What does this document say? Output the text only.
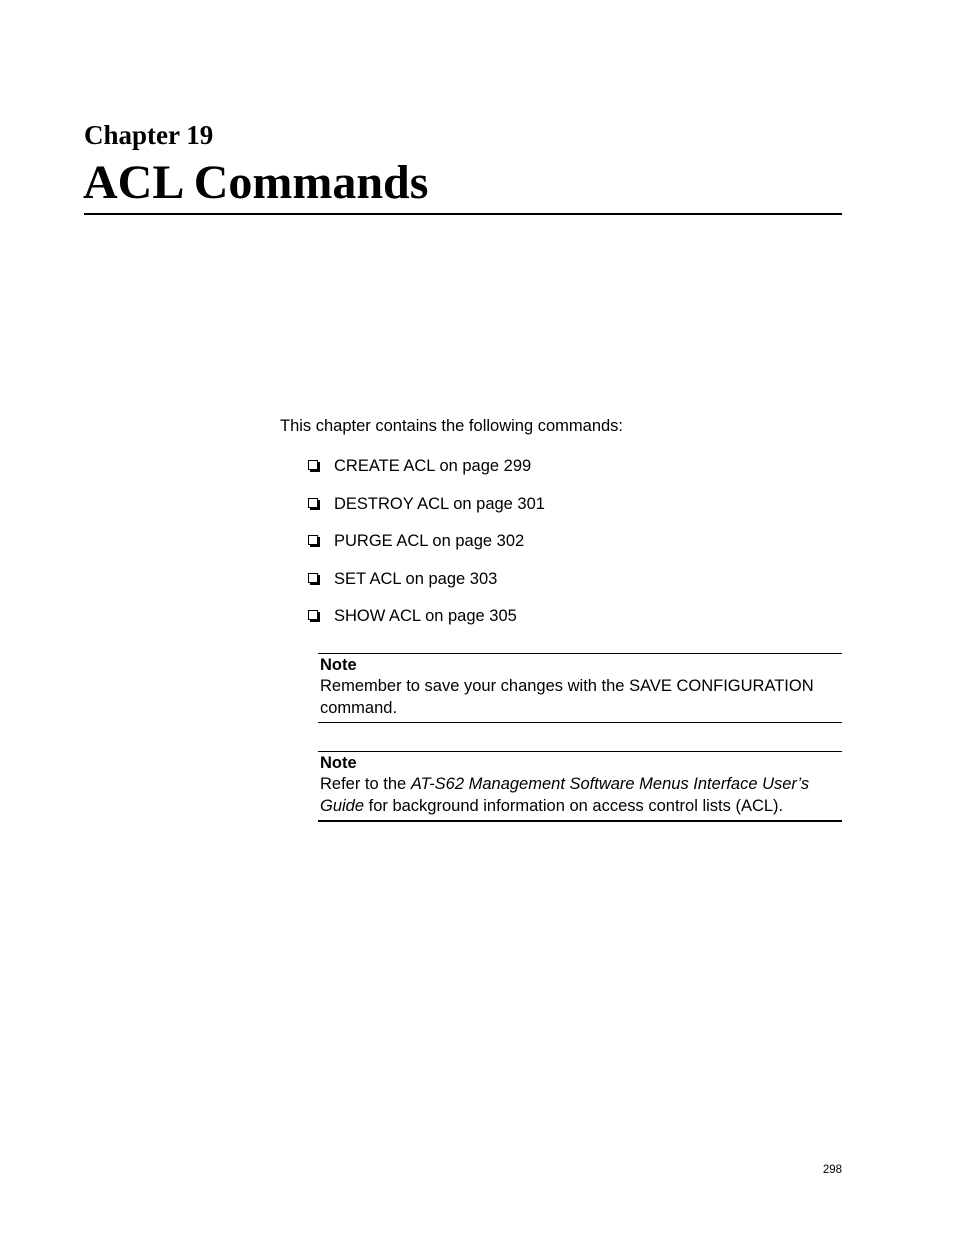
Chapter 19
ACL Commands

This chapter contains the following commands:

CREATE ACL on page 299
DESTROY ACL on page 301
PURGE ACL on page 302
SET ACL on page 303
SHOW ACL on page 305

Note

Remember to save your changes with the SAVE CONFIGURATION command.

Note

Refer to the AT-S62 Management Software Menus Interface User’s Guide for background information on access control lists (ACL).

298
